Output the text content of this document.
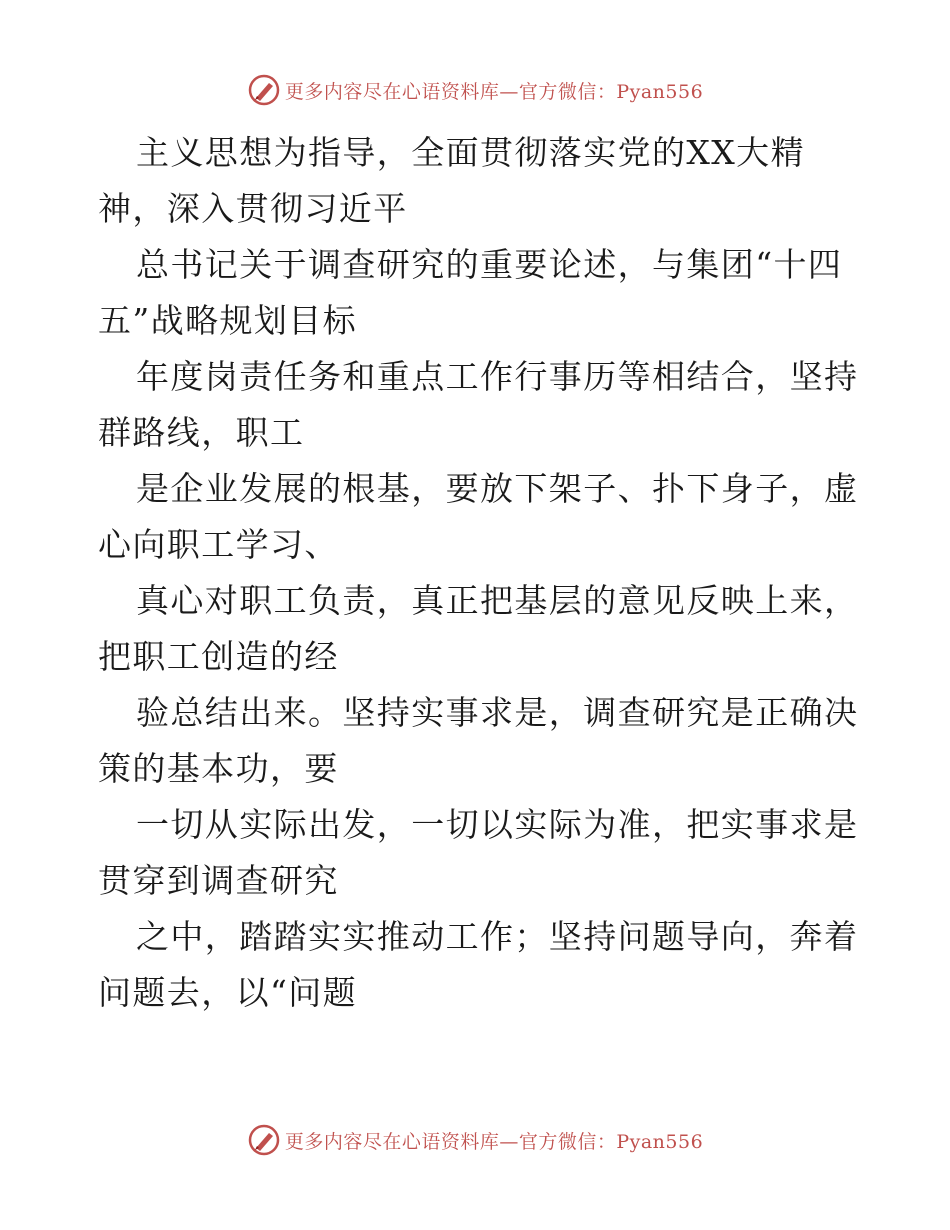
更多内容尽在心语资料库—官方微信：Pyan556
主义思想为指导，全面贯彻落实党的XX大精
神，深入贯彻习近平
总书记关于调查研究的重要论述，与集团“十四
五”战略规划目标
年度岗责任务和重点工作行事历等相结合，坚持
群路线，职工
是企业发展的根基，要放下架子、扑下身子，虚
心向职工学习、
真心对职工负责，真正把基层的意见反映上来，
把职工创造的经
验总结出来。坚持实事求是，调查研究是正确决
策的基本功，要
一切从实际出发，一切以实际为准，把实事求是
贯穿到调查研究
之中，踏踏实实推动工作；坚持问题导向，奔着
问题去，以“问题
更多内容尽在心语资料库—官方微信：Pyan556
